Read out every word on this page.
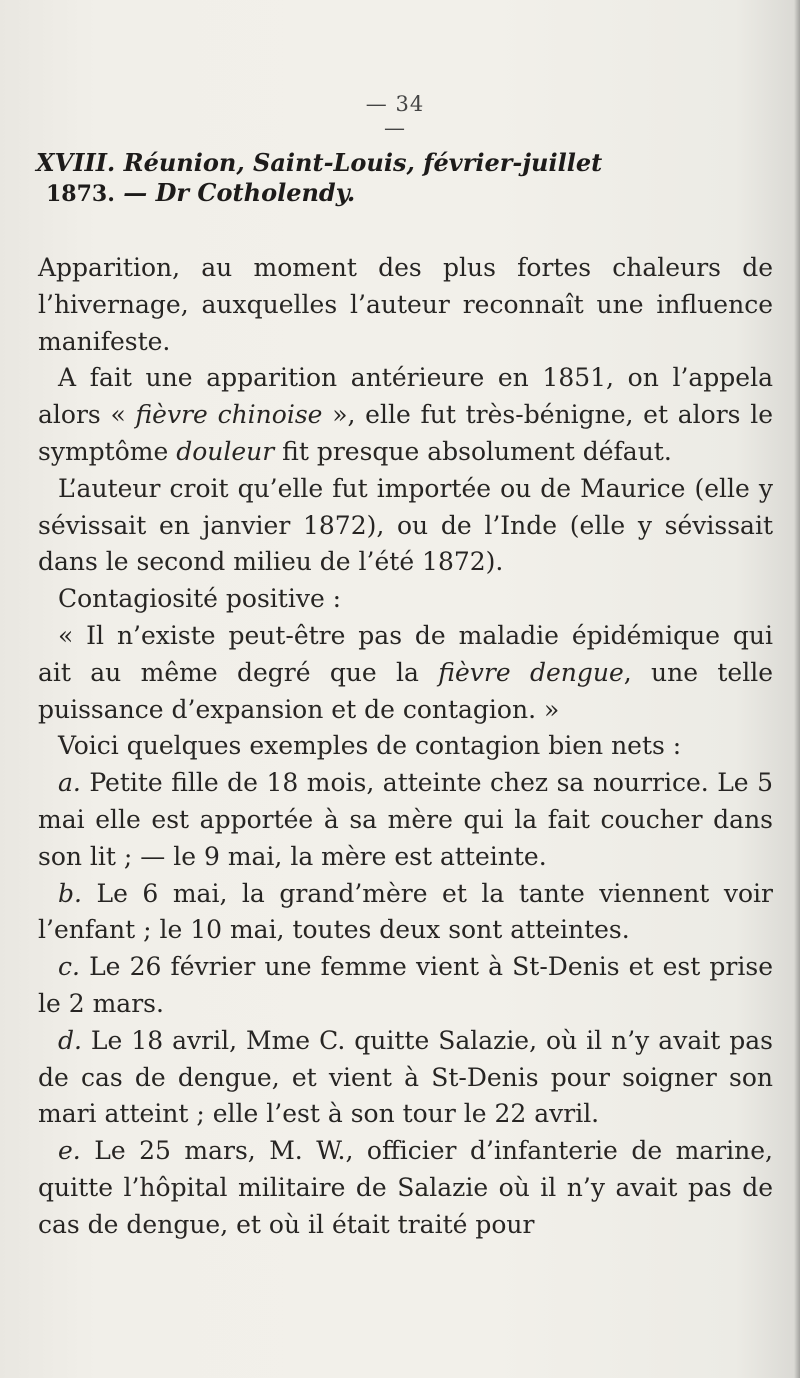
— 34 —
XVIII. Réunion, Saint-Louis, février-juillet
1873. — Dr Cotholendy.

Apparition, au moment des plus fortes chaleurs de l’hivernage, auxquelles l’auteur reconnaît une influence manifeste.

A fait une apparition antérieure en 1851, on l’appela alors « fièvre chinoise », elle fut très-bénigne, et alors le symptôme douleur fit presque absolument défaut.

L’auteur croit qu’elle fut importée ou de Maurice (elle y sévissait en janvier 1872), ou de l’Inde (elle y sévissait dans le second milieu de l’été 1872).

Contagiosité positive :

« Il n’existe peut-être pas de maladie épidémique qui ait au même degré que la fièvre dengue, une telle puissance d’expansion et de contagion. »

Voici quelques exemples de contagion bien nets :

a. Petite fille de 18 mois, atteinte chez sa nourrice. Le 5 mai elle est apportée à sa mère qui la fait coucher dans son lit ; — le 9 mai, la mère est atteinte.

b. Le 6 mai, la grand’mère et la tante viennent voir l’enfant ; le 10 mai, toutes deux sont atteintes.

c. Le 26 février une femme vient à St-Denis et est prise le 2 mars.

d. Le 18 avril, Mme C. quitte Salazie, où il n’y avait pas de cas de dengue, et vient à St-Denis pour soigner son mari atteint ; elle l’est à son tour le 22 avril.

e. Le 25 mars, M. W., officier d’infanterie de marine, quitte l’hôpital militaire de Salazie où il n’y avait pas de cas de dengue, et où il était traité pour
